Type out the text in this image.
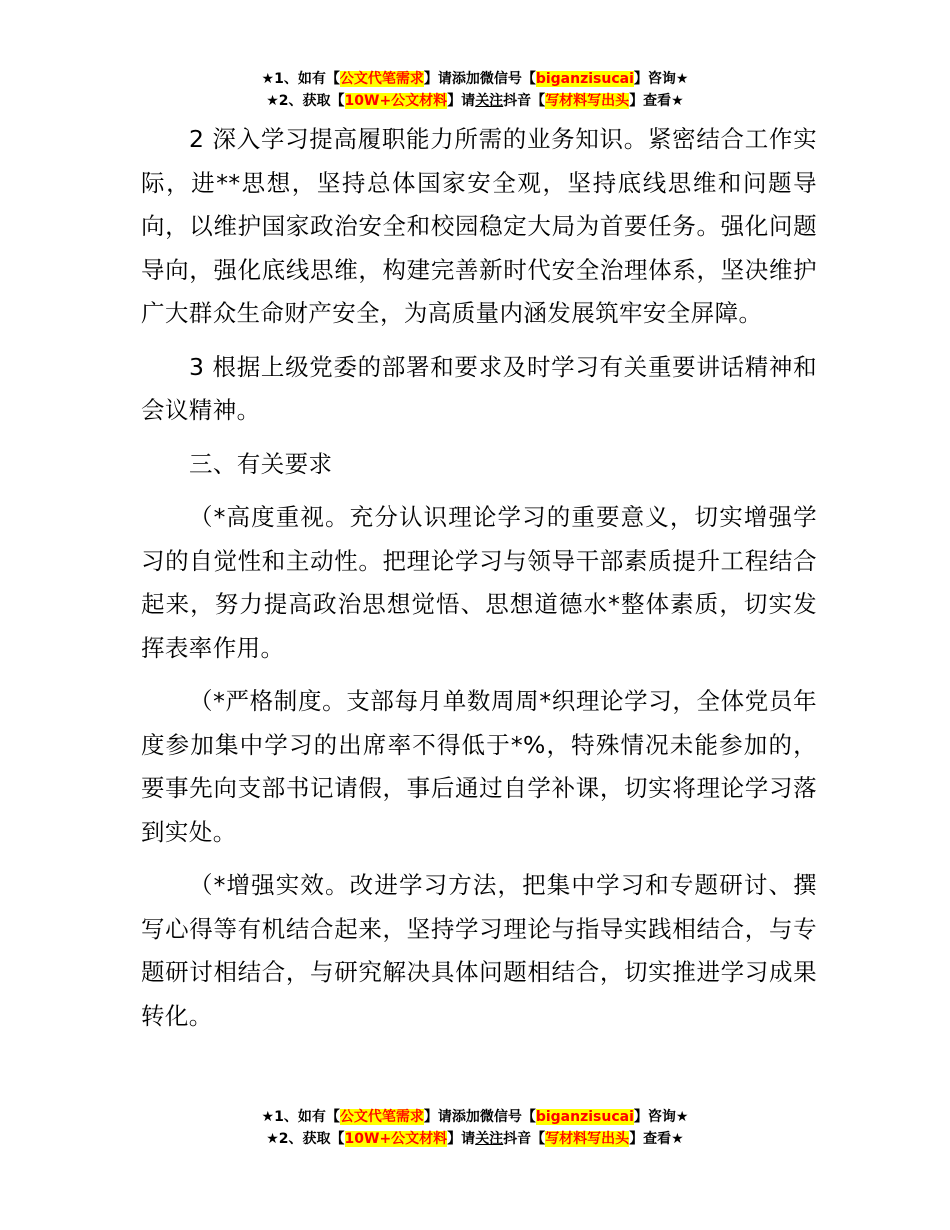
★1、如有【公文代笔需求】请添加微信号【biganzisucai】咨询★
★2、获取【10W+公文材料】请关注抖音【写材料写出头】查看★

2 深入学习提高履职能力所需的业务知识。紧密结合工作实际，进**思想，坚持总体国家安全观，坚持底线思维和问题导向，以维护国家政治安全和校园稳定大局为首要任务。强化问题导向，强化底线思维，构建完善新时代安全治理体系，坚决维护广大群众生命财产安全，为高质量内涵发展筑牢安全屏障。

3 根据上级党委的部署和要求及时学习有关重要讲话精神和会议精神。

三、有关要求

（*高度重视。充分认识理论学习的重要意义，切实增强学习的自觉性和主动性。把理论学习与领导干部素质提升工程结合起来，努力提高政治思想觉悟、思想道德水*整体素质，切实发挥表率作用。

（*严格制度。支部每月单数周周*织理论学习，全体党员年度参加集中学习的出席率不得低于*%，特殊情况未能参加的，要事先向支部书记请假，事后通过自学补课，切实将理论学习落到实处。

（*增强实效。改进学习方法，把集中学习和专题研讨、撰写心得等有机结合起来，坚持学习理论与指导实践相结合，与专题研讨相结合，与研究解决具体问题相结合，切实推进学习成果转化。

★1、如有【公文代笔需求】请添加微信号【biganzisucai】咨询★
★2、获取【10W+公文材料】请关注抖音【写材料写出头】查看★
